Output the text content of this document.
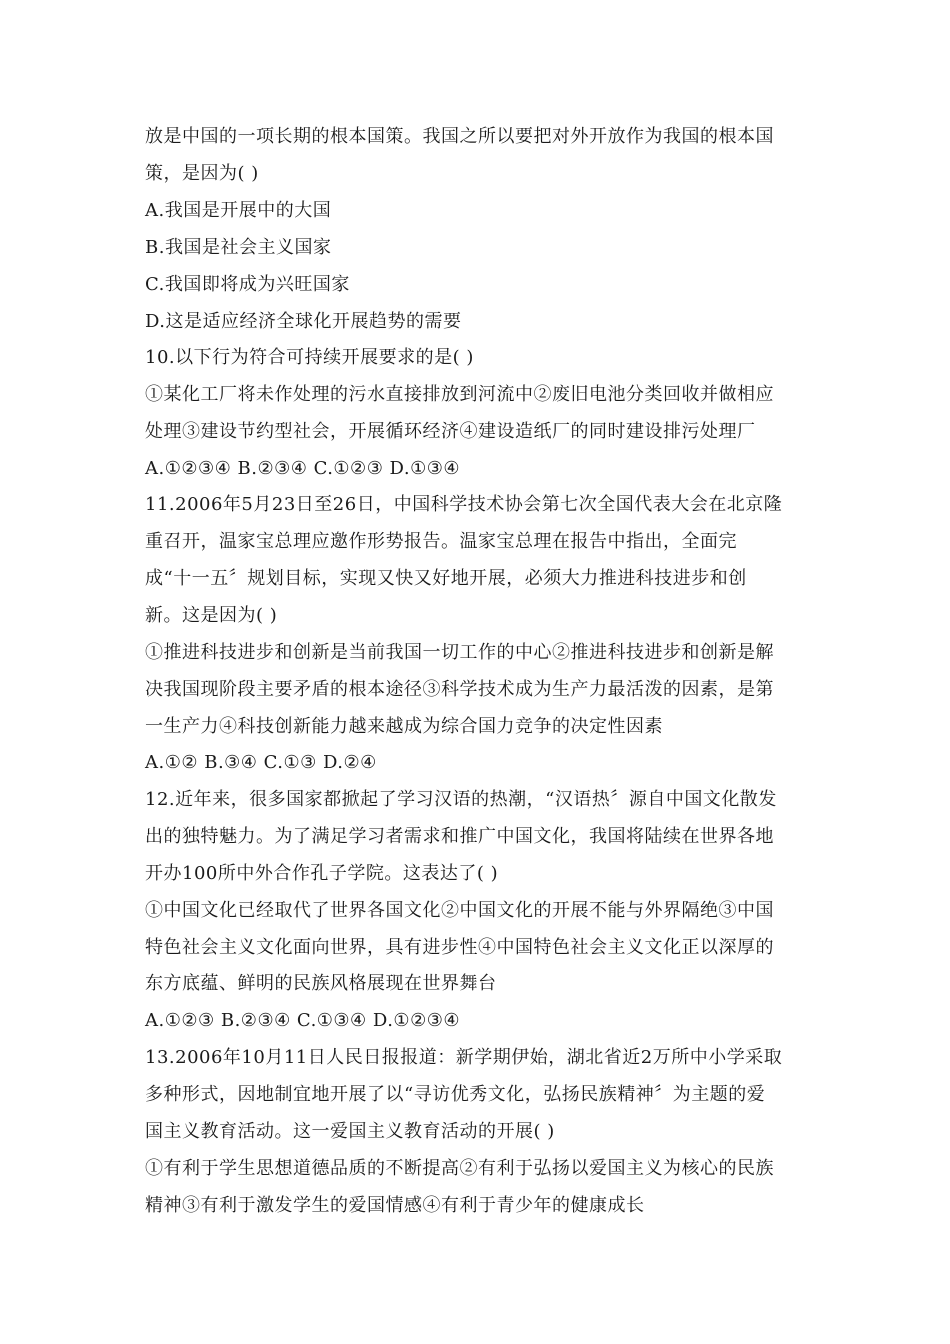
放是中国的一项长期的根本国策。我国之所以要把对外开放作为我国的根本国
策，是因为( )
A.我国是开展中的大国
B.我国是社会主义国家
C.我国即将成为兴旺国家
D.这是适应经济全球化开展趋势的需要
10.以下行为符合可持续开展要求的是( )
①某化工厂将未作处理的污水直接排放到河流中②废旧电池分类回收并做相应
处理③建设节约型社会，开展循环经济④建设造纸厂的同时建设排污处理厂
A.①②③④ B.②③④ C.①②③ D.①③④
11.2006年5月23日至26日，中国科学技术协会第七次全国代表大会在北京隆
重召开，温家宝总理应邀作形势报告。温家宝总理在报告中指出，全面完
成“十一五〞规划目标，实现又快又好地开展，必须大力推进科技进步和创
新。这是因为( )
①推进科技进步和创新是当前我国一切工作的中心②推进科技进步和创新是解
决我国现阶段主要矛盾的根本途径③科学技术成为生产力最活泼的因素，是第
一生产力④科技创新能力越来越成为综合国力竞争的决定性因素
A.①② B.③④ C.①③ D.②④
12.近年来，很多国家都掀起了学习汉语的热潮，“汉语热〞源自中国文化散发
出的独特魅力。为了满足学习者需求和推广中国文化，我国将陆续在世界各地
开办100所中外合作孔子学院。这表达了( )
①中国文化已经取代了世界各国文化②中国文化的开展不能与外界隔绝③中国
特色社会主义文化面向世界，具有进步性④中国特色社会主义文化正以深厚的
东方底蕴、鲜明的民族风格展现在世界舞台
A.①②③ B.②③④ C.①③④ D.①②③④
13.2006年10月11日人民日报报道：新学期伊始，湖北省近2万所中小学采取
多种形式，因地制宜地开展了以“寻访优秀文化，弘扬民族精神〞为主题的爱
国主义教育活动。这一爱国主义教育活动的开展( )
①有利于学生思想道德品质的不断提高②有利于弘扬以爱国主义为核心的民族
精神③有利于激发学生的爱国情感④有利于青少年的健康成长
